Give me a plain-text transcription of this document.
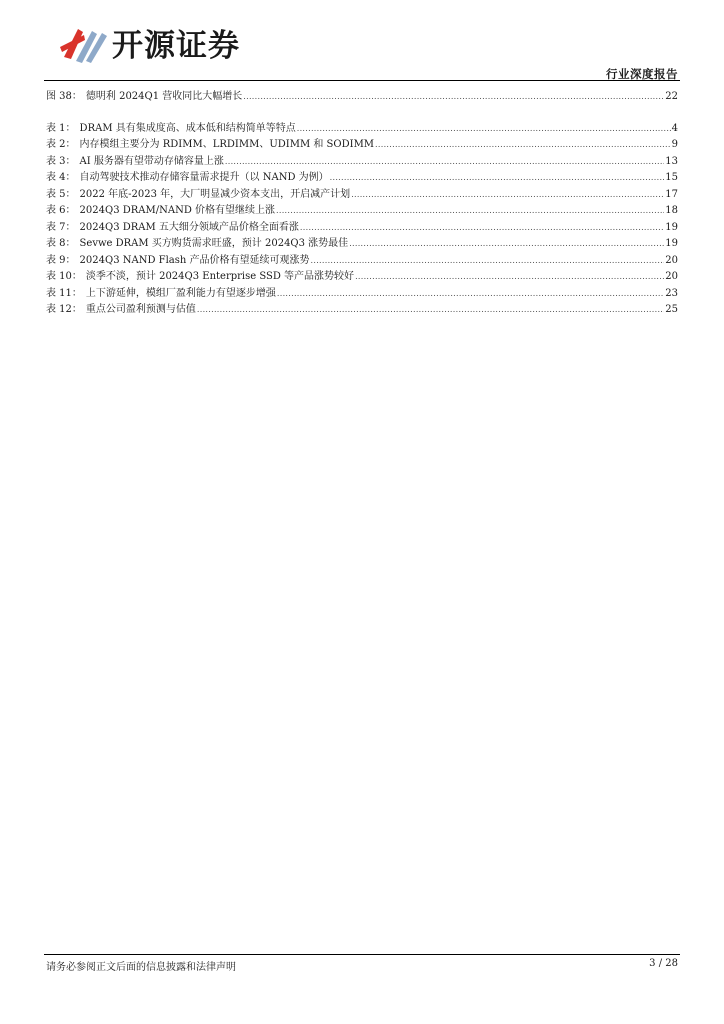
开源证券
行业深度报告
图 38： 德明利 2024Q1 营收同比大幅增长 .....	22
表 1： DRAM 具有集成度高、成本低和结构简单等特点 .....	4
表 2： 内存模组主要分为 RDIMM、LRDIMM、UDIMM 和 SODIMM .....	9
表 3： AI 服务器有望带动存储容量上涨 .....	13
表 4： 自动驾驶技术推动存储容量需求提升（以 NAND 为例） .....	15
表 5： 2022 年底-2023 年，大厂明显减少资本支出，开启减产计划 .....	17
表 6： 2024Q3 DRAM/NAND 价格有望继续上涨 .....	18
表 7： 2024Q3 DRAM 五大细分领域产品价格全面看涨 .....	19
表 8： Sevwe DRAM 买方购货需求旺盛，预计 2024Q3 涨势最佳 .....	19
表 9： 2024Q3 NAND Flash 产品价格有望延续可观涨势 .....	20
表 10： 淡季不淡，预计 2024Q3 Enterprise SSD 等产品涨势较好 .....	20
表 11： 上下游延伸，模组厂盈利能力有望逐步增强 .....	23
表 12： 重点公司盈利预测与估值 .....	25
请务必参阅正文后面的信息披露和法律声明	3 / 28
